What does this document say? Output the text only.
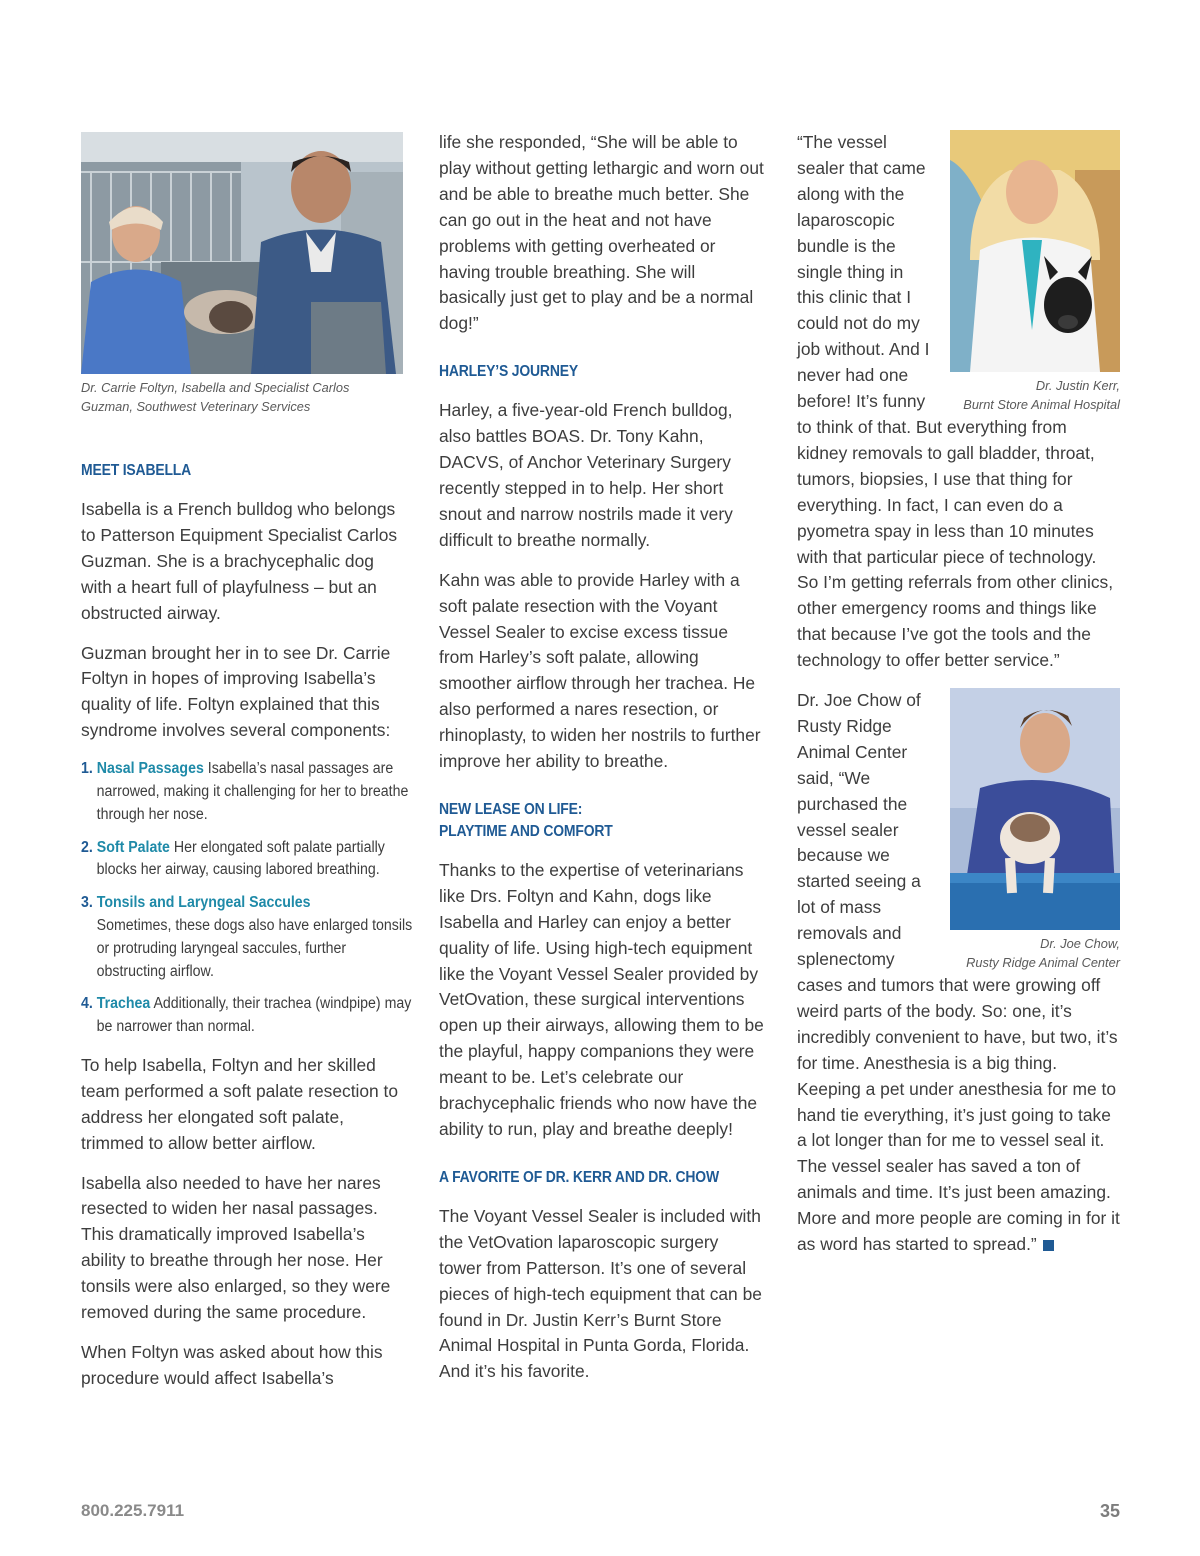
Dr. Carrie Foltyn, Isabella and Specialist Carlos Guzman, Southwest Veterinary Services

MEET ISABELLA

Isabella is a French bulldog who belongs to Patterson Equipment Specialist Carlos Guzman. She is a brachycephalic dog with a heart full of playfulness – but an obstructed airway.

Guzman brought her in to see Dr. Carrie Foltyn in hopes of improving Isabella’s quality of life. Foltyn explained that this syndrome involves several components:

1. Nasal Passages Isabella’s nasal passages are narrowed, making it challenging for her to breathe through her nose.
2. Soft Palate Her elongated soft palate partially blocks her airway, causing labored breathing.
3. Tonsils and Laryngeal Saccules
Sometimes, these dogs also have enlarged tonsils or protruding laryngeal saccules, further obstructing airflow.
4. Trachea Additionally, their trachea (windpipe) may be narrower than normal.

To help Isabella, Foltyn and her skilled team performed a soft palate resection to address her elongated soft palate, trimmed to allow better airflow.

Isabella also needed to have her nares resected to widen her nasal passages. This dramatically improved Isabella’s ability to breathe through her nose. Her tonsils were also enlarged, so they were removed during the same procedure.

When Foltyn was asked about how this procedure would affect Isabella’s

life she responded, “She will be able to play without getting lethargic and worn out and be able to breathe much better. She can go out in the heat and not have problems with getting overheated or having trouble breathing. She will basically just get to play and be a normal dog!”

HARLEY’S JOURNEY

Harley, a five-year-old French bulldog, also battles BOAS. Dr. Tony Kahn, DACVS, of Anchor Veterinary Surgery recently stepped in to help. Her short snout and narrow nostrils made it very difficult to breathe normally.

Kahn was able to provide Harley with a soft palate resection with the Voyant Vessel Sealer to excise excess tissue from Harley’s soft palate, allowing smoother airflow through her trachea. He also performed a nares resection, or rhinoplasty, to widen her nostrils to further improve her ability to breathe.

NEW LEASE ON LIFE:
PLAYTIME AND COMFORT

Thanks to the expertise of veterinarians like Drs. Foltyn and Kahn, dogs like Isabella and Harley can enjoy a better quality of life. Using high-tech equipment like the Voyant Vessel Sealer provided by VetOvation, these surgical interventions open up their airways, allowing them to be the playful, happy companions they were meant to be. Let’s celebrate our brachycephalic friends who now have the ability to run, play and breathe deeply!

A FAVORITE OF DR. KERR AND DR. CHOW

The Voyant Vessel Sealer is included with the VetOvation laparoscopic surgery tower from Patterson. It’s one of several pieces of high-tech equipment that can be found in Dr. Justin Kerr’s Burnt Store Animal Hospital in Punta Gorda, Florida. And it’s his favorite.

Dr. Justin Kerr,
Burnt Store Animal Hospital

“The vessel sealer that came along with the laparoscopic bundle is the single thing in this clinic that I could not do my job without. And I never had one before! It’s funny to think of that. But everything from kidney removals to gall bladder, throat, tumors, biopsies, I use that thing for everything. In fact, I can even do a pyometra spay in less than 10 minutes with that particular piece of technology. So I’m getting referrals from other clinics, other emergency rooms and things like that because I’ve got the tools and the technology to offer better service.”

Dr. Joe Chow,
Rusty Ridge Animal Center

Dr. Joe Chow of Rusty Ridge Animal Center said, “We purchased the vessel sealer because we started seeing a lot of mass removals and splenectomy cases and tumors that were growing off weird parts of the body. So: one, it’s incredibly convenient to have, but two, it’s for time. Anesthesia is a big thing. Keeping a pet under anesthesia for me to hand tie everything, it’s just going to take a lot longer than for me to vessel seal it. The vessel sealer has saved a ton of animals and time. It’s just been amazing. More and more people are coming in for it as word has started to spread.”

800.225.7911	35
